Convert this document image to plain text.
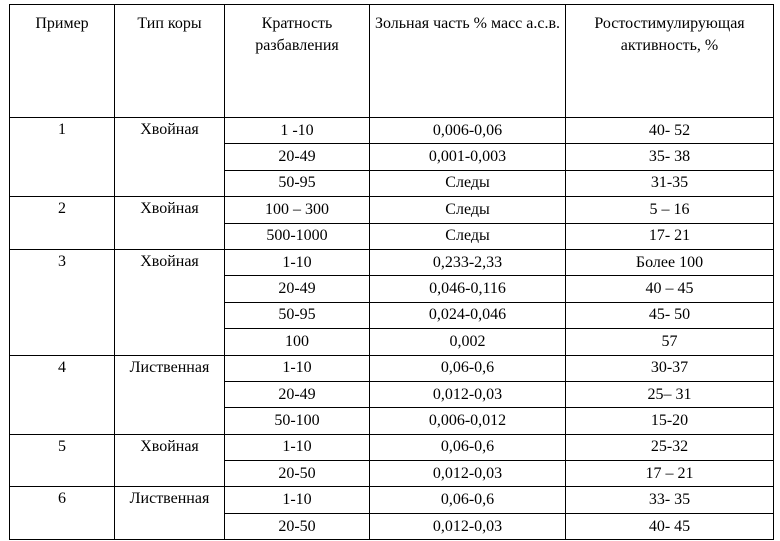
Пример	Тип коры	Кратность разбавления	Зольная часть % масс а.с.в.	Ростостимулирующая активность, %
1	Хвойная	1 -10	0,006-0,06	40- 52
		20-49	0,001-0,003	35- 38
		50-95	Следы	31-35
2	Хвойная	100 – 300	Следы	5 – 16
		500-1000	Следы	17- 21
3	Хвойная	1-10	0,233-2,33	Более 100
		20-49	0,046-0,116	40 – 45
		50-95	0,024-0,046	45- 50
		100	0,002	57
4	Лиственная	1-10	0,06-0,6	30-37
		20-49	0,012-0,03	25– 31
		50-100	0,006-0,012	15-20
5	Хвойная	1-10	0,06-0,6	25-32
		20-50	0,012-0,03	17 – 21
6	Лиственная	1-10	0,06-0,6	33- 35
		20-50	0,012-0,03	40- 45
